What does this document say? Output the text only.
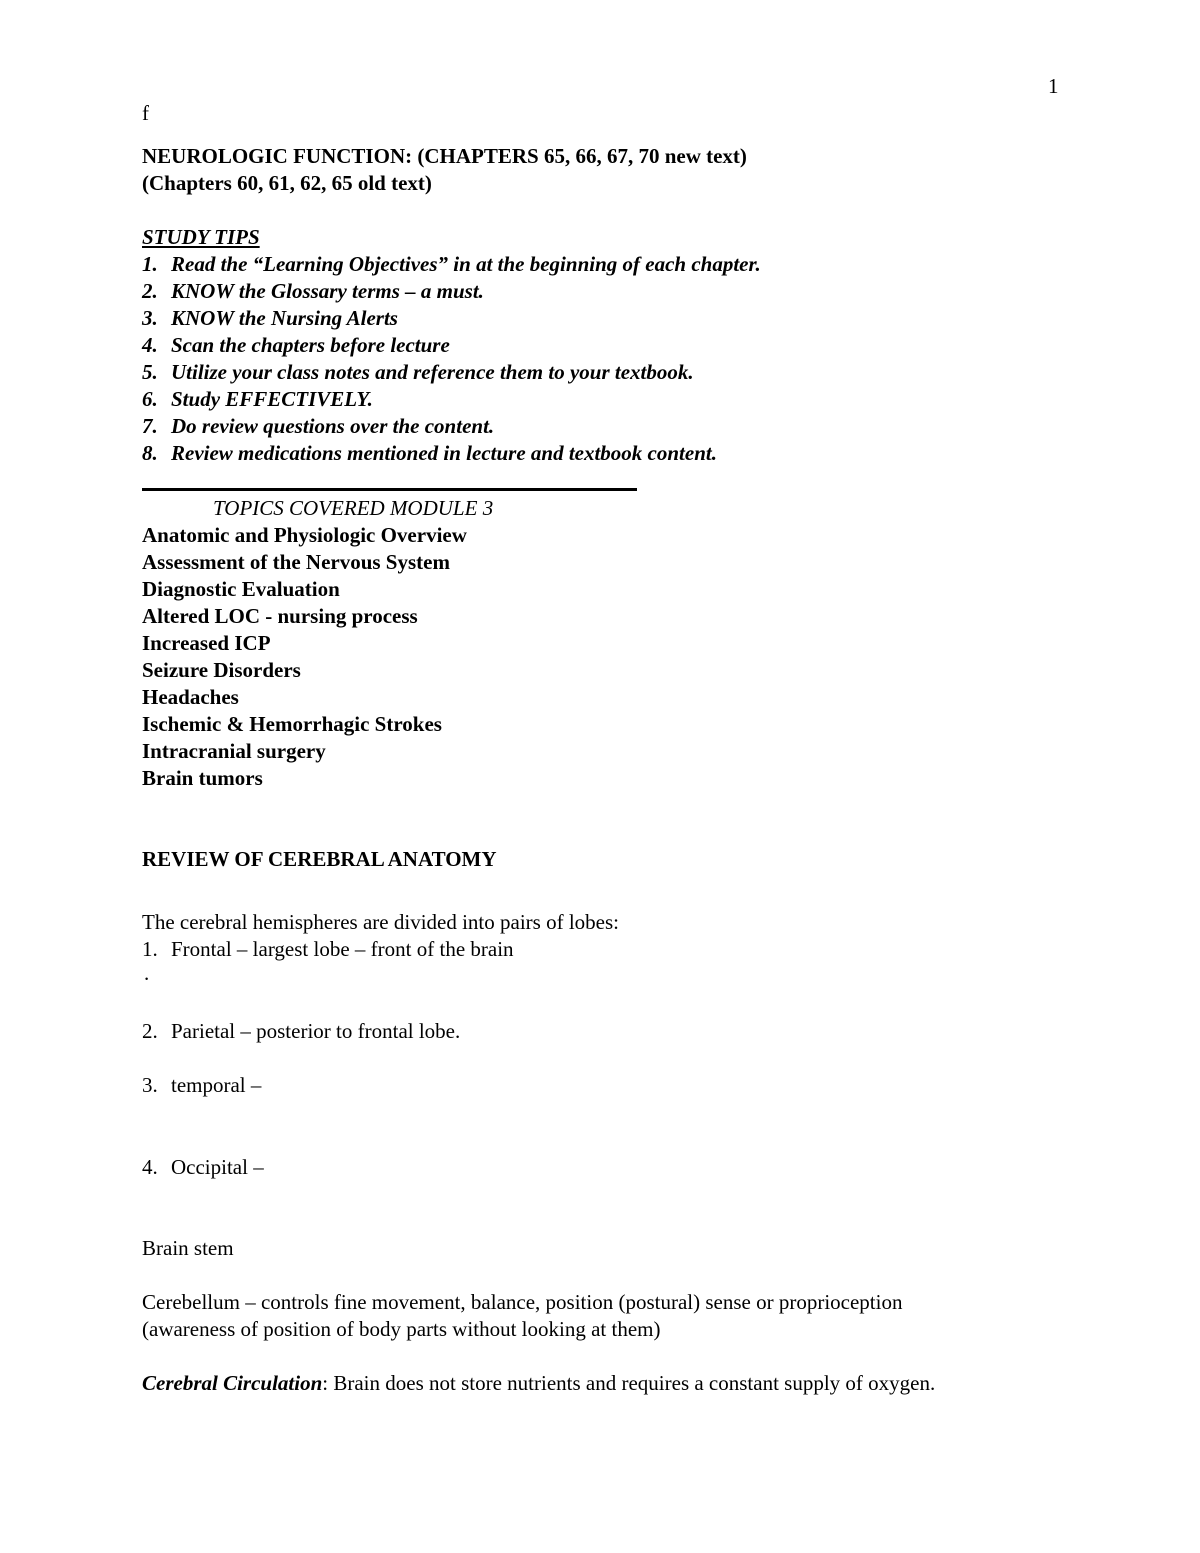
1
f
NEUROLOGIC FUNCTION: (CHAPTERS 65, 66, 67, 70 new text)
(Chapters 60, 61, 62, 65 old text)
STUDY TIPS
1. Read the “Learning Objectives” in at the beginning of each chapter.
2. KNOW the Glossary terms – a must.
3. KNOW the Nursing Alerts
4. Scan the chapters before lecture
5. Utilize your class notes and reference them to your textbook.
6. Study EFFECTIVELY.
7. Do review questions over the content.
8. Review medications mentioned in lecture and textbook content.
TOPICS COVERED MODULE 3
Anatomic and Physiologic Overview
Assessment of the Nervous System
Diagnostic Evaluation
Altered LOC - nursing process
Increased ICP
Seizure Disorders
Headaches
Ischemic & Hemorrhagic Strokes
Intracranial surgery
Brain tumors
REVIEW OF CEREBRAL ANATOMY
The cerebral hemispheres are divided into pairs of lobes:
1. Frontal – largest lobe – front of the brain
.
2. Parietal – posterior to frontal lobe.
3. temporal –
4. Occipital –
Brain stem
Cerebellum – controls fine movement, balance, position (postural) sense or proprioception
(awareness of position of body parts without looking at them)
Cerebral Circulation: Brain does not store nutrients and requires a constant supply of oxygen.
